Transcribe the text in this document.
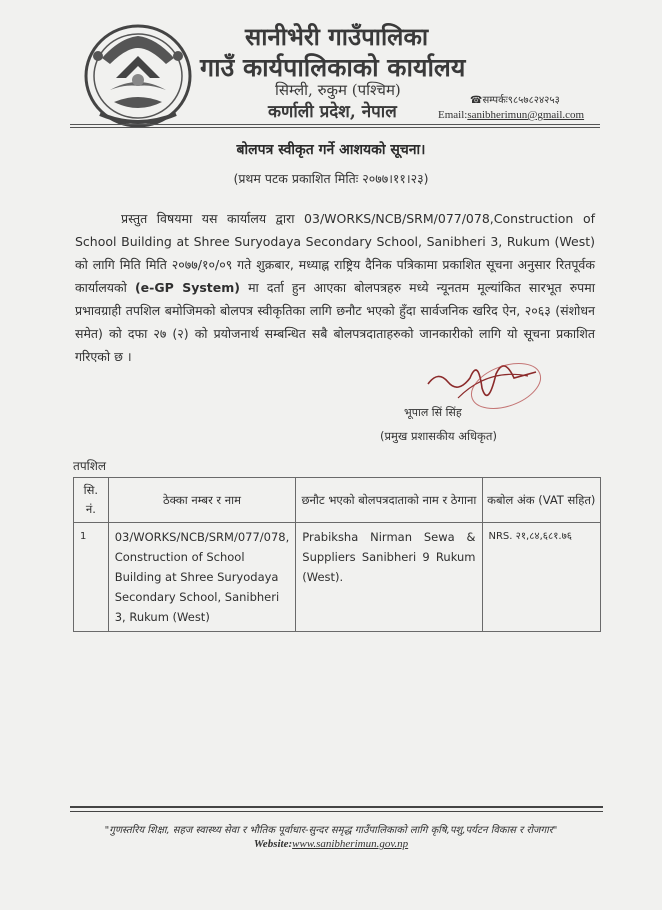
सानीभेरी गाउँपालिका
गाउँ कार्यपालिकाको कार्यालय
सिम्ली, रुकुम (पश्चिम)
कर्णाली प्रदेश, नेपाल
☎सम्पर्कः९८५७८२४२५३
Email:sanibherimun@gmail.com
बोलपत्र स्वीकृत गर्ने आशयको सूचना।
(प्रथम पटक प्रकाशित मितिः २०७७।११।२३)
प्रस्तुत विषयमा यस कार्यालय द्वारा 03/WORKS/NCB/SRM/077/078,Construction of School Building at Shree Suryodaya Secondary School, Sanibheri 3, Rukum (West) को लागि मिति मिति २०७७/१०/०९ गते शुक्रबार, मध्याह्न राष्ट्रिय दैनिक पत्रिकामा प्रकाशित सूचना अनुसार रितपूर्वक कार्यालयको (e-GP System) मा दर्ता हुन आएका बोलपत्रहरु मध्ये न्यूनतम मूल्यांकित सारभूत रुपमा प्रभावग्राही तपशिल बमोजिमको बोलपत्र स्वीकृतिका लागि छनौट भएको हुँदा सार्वजनिक खरिद ऐन, २०६३ (संशोधन समेत) को दफा २७ (२) को प्रयोजनार्थ सम्बन्धित सबै बोलपत्रदाताहरुको जानकारीको लागि यो सूचना प्रकाशित गरिएको छ ।
भूपाल सिं सिंह
(प्रमुख प्रशासकीय अधिकृत)
तपशिल
सि. नं.	ठेक्का नम्बर र नाम	छनौट भएको बोलपत्रदाताको नाम र ठेगाना	कबोल अंक (VAT सहित)
1	03/WORKS/NCB/SRM/077/078, Construction of School Building at Shree Suryodaya Secondary School, Sanibheri 3, Rukum (West)	Prabiksha Nirman Sewa & Suppliers Sanibheri 9 Rukum (West).	NRS. २१,८४,६८१.७६
"गुणस्तरिय शिक्षा, सहज स्वास्थ्य सेवा र भौतिक पूर्वाधार-सुन्दर समृद्ध गाउँपालिकाको लागि कृषि,पशु,पर्यटन विकास र रोजगार"
Website:www.sanibherimun.gov.np
